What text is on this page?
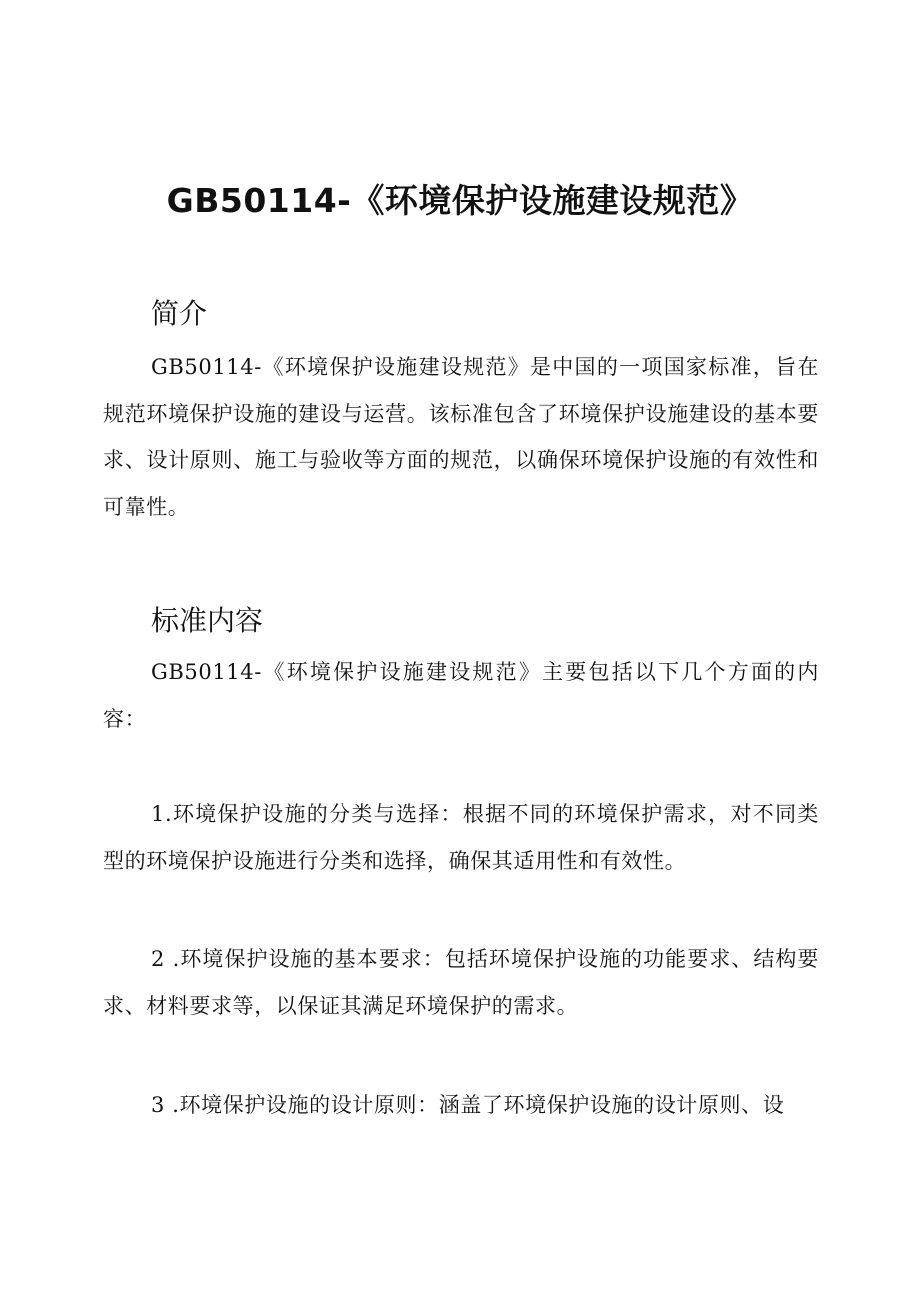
GB50114-《环境保护设施建设规范》
简介

GB50114-《环境保护设施建设规范》是中国的一项国家标准，旨在规范环境保护设施的建设与运营。该标准包含了环境保护设施建设的基本要求、设计原则、施工与验收等方面的规范，以确保环境保护设施的有效性和可靠性。

标准内容

GB50114-《环境保护设施建设规范》主要包括以下几个方面的内容：

1.环境保护设施的分类与选择：根据不同的环境保护需求，对不同类型的环境保护设施进行分类和选择，确保其适用性和有效性。

2 .环境保护设施的基本要求：包括环境保护设施的功能要求、结构要求、材料要求等，以保证其满足环境保护的需求。

3 .环境保护设施的设计原则：涵盖了环境保护设施的设计原则、设
